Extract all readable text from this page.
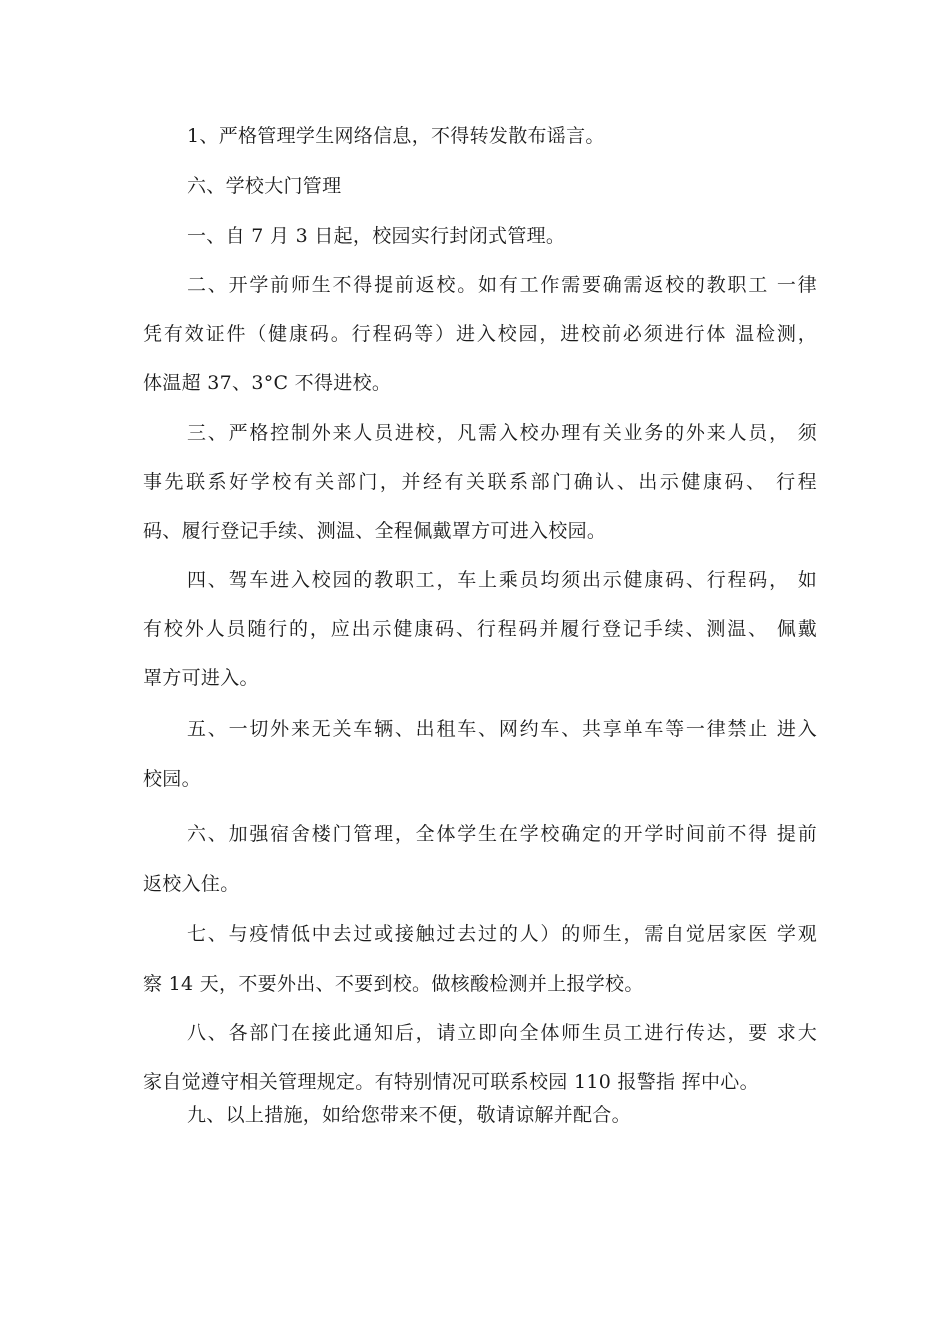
1、严格管理学生网络信息，不得转发散布谣言。
六、学校大门管理
一、自 7 月 3 日起，校园实行封闭式管理。
二、开学前师生不得提前返校。如有工作需要确需返校的教职工 一律
凭有效证件（健康码。行程码等）进入校园，进校前必须进行体 温检测，
体温超 37、3°C 不得进校。
三、严格控制外来人员进校，凡需入校办理有关业务的外来人员， 须
事先联系好学校有关部门，并经有关联系部门确认、出示健康码、 行程
码、履行登记手续、测温、全程佩戴罩方可进入校园。
四、驾车进入校园的教职工，车上乘员均须出示健康码、行程码， 如
有校外人员随行的，应出示健康码、行程码并履行登记手续、测温、 佩戴
罩方可进入。
五、一切外来无关车辆、出租车、网约车、共享单车等一律禁止 进入
校园。
六、加强宿舍楼门管理，全体学生在学校确定的开学时间前不得 提前
返校入住。
七、与疫情低中去过或接触过去过的人）的师生，需自觉居家医 学观
察 14 天，不要外出、不要到校。做核酸检测并上报学校。
八、各部门在接此通知后，请立即向全体师生员工进行传达，要 求大
家自觉遵守相关管理规定。有特别情况可联系校园 110 报警指 挥中心。
九、以上措施，如给您带来不便，敬请谅解并配合。
